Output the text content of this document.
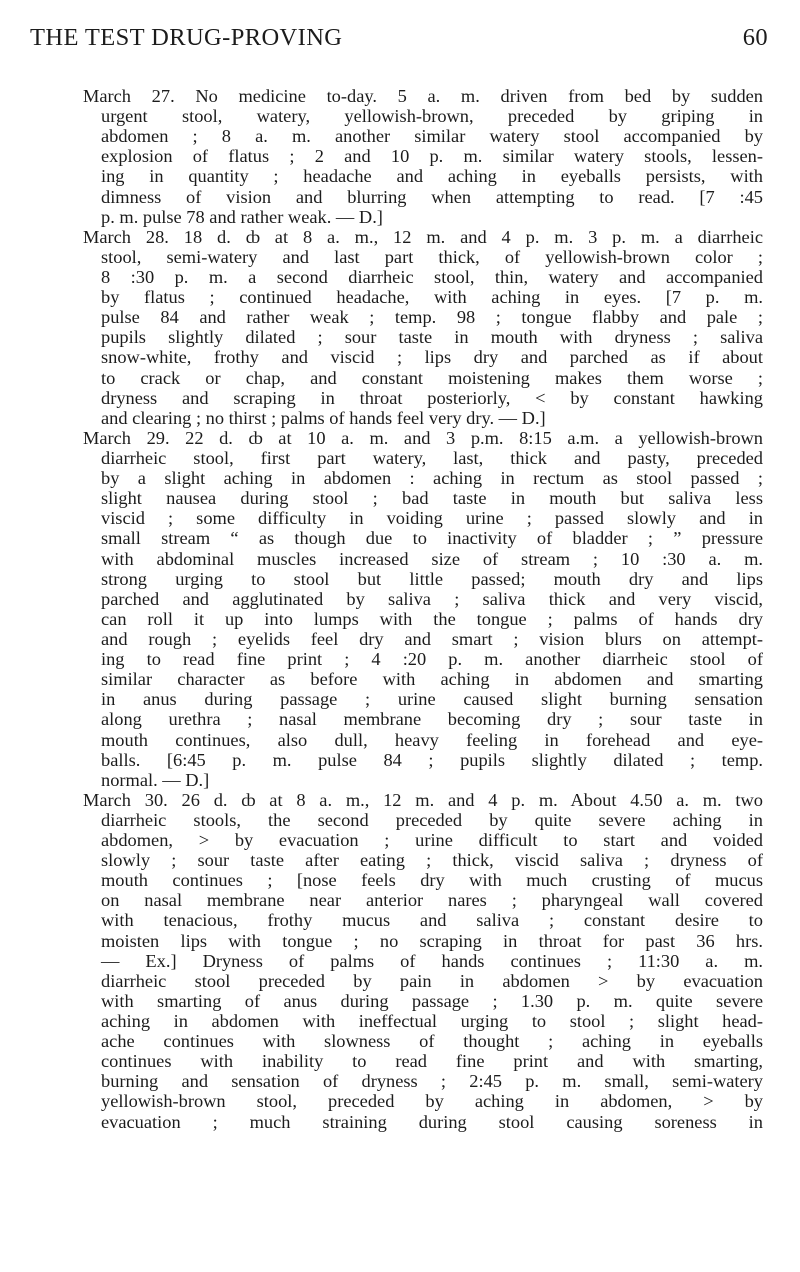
THE TEST DRUG-PROVING	60
March 27. No medicine to-day. 5 a. m. driven from bed by sudden
urgent stool, watery, yellowish-brown, preceded by griping in
abdomen ; 8 a. m. another similar watery stool accompanied by
explosion of flatus ; 2 and 10 p. m. similar watery stools, lessen-
ing in quantity ; headache and aching in eyeballs persists, with
dimness of vision and blurring when attempting to read. [7 :45
p. m. pulse 78 and rather weak. — D.]
March 28. 18 d. ȸ at 8 a. m., 12 m. and 4 p. m. 3 p. m. a diarrheic
stool, semi-watery and last part thick, of yellowish-brown color ;
8 :30 p. m. a second diarrheic stool, thin, watery and accompanied
by flatus ; continued headache, with aching in eyes. [7 p. m.
pulse 84 and rather weak ; temp. 98 ; tongue flabby and pale ;
pupils slightly dilated ; sour taste in mouth with dryness ; saliva
snow-white, frothy and viscid ; lips dry and parched as if about
to crack or chap, and constant moistening makes them worse ;
dryness and scraping in throat posteriorly, < by constant hawking
and clearing ; no thirst ; palms of hands feel very dry. — D.]
March 29. 22 d. ȸ at 10 a. m. and 3 p.m. 8:15 a.m. a yellowish-brown
diarrheic stool, first part watery, last, thick and pasty, preceded
by a slight aching in abdomen : aching in rectum as stool passed ;
slight nausea during stool ; bad taste in mouth but saliva less
viscid ; some difficulty in voiding urine ; passed slowly and in
small stream “ as though due to inactivity of bladder ; ” pressure
with abdominal muscles increased size of stream ; 10 :30 a. m.
strong urging to stool but little passed; mouth dry and lips
parched and agglutinated by saliva ; saliva thick and very viscid,
can roll it up into lumps with the tongue ; palms of hands dry
and rough ; eyelids feel dry and smart ; vision blurs on attempt-
ing to read fine print ; 4 :20 p. m. another diarrheic stool of
similar character as before with aching in abdomen and smarting
in anus during passage ; urine caused slight burning sensation
along urethra ; nasal membrane becoming dry ; sour taste in
mouth continues, also dull, heavy feeling in forehead and eye-
balls. [6:45 p. m. pulse 84 ; pupils slightly dilated ; temp.
normal. — D.]
March 30. 26 d. ȸ at 8 a. m., 12 m. and 4 p. m. About 4.50 a. m. two
diarrheic stools, the second preceded by quite severe aching in
abdomen, > by evacuation ; urine difficult to start and voided
slowly ; sour taste after eating ; thick, viscid saliva ; dryness of
mouth continues ; [nose feels dry with much crusting of mucus
on nasal membrane near anterior nares ; pharyngeal wall covered
with tenacious, frothy mucus and saliva ; constant desire to
moisten lips with tongue ; no scraping in throat for past 36 hrs.
— Ex.] Dryness of palms of hands continues ; 11:30 a. m.
diarrheic stool preceded by pain in abdomen > by evacuation
with smarting of anus during passage ; 1.30 p. m. quite severe
aching in abdomen with ineffectual urging to stool ; slight head-
ache continues with slowness of thought ; aching in eyeballs
continues with inability to read fine print and with smarting,
burning and sensation of dryness ; 2:45 p. m. small, semi-watery
yellowish-brown stool, preceded by aching in abdomen, > by
evacuation ; much straining during stool causing soreness in
